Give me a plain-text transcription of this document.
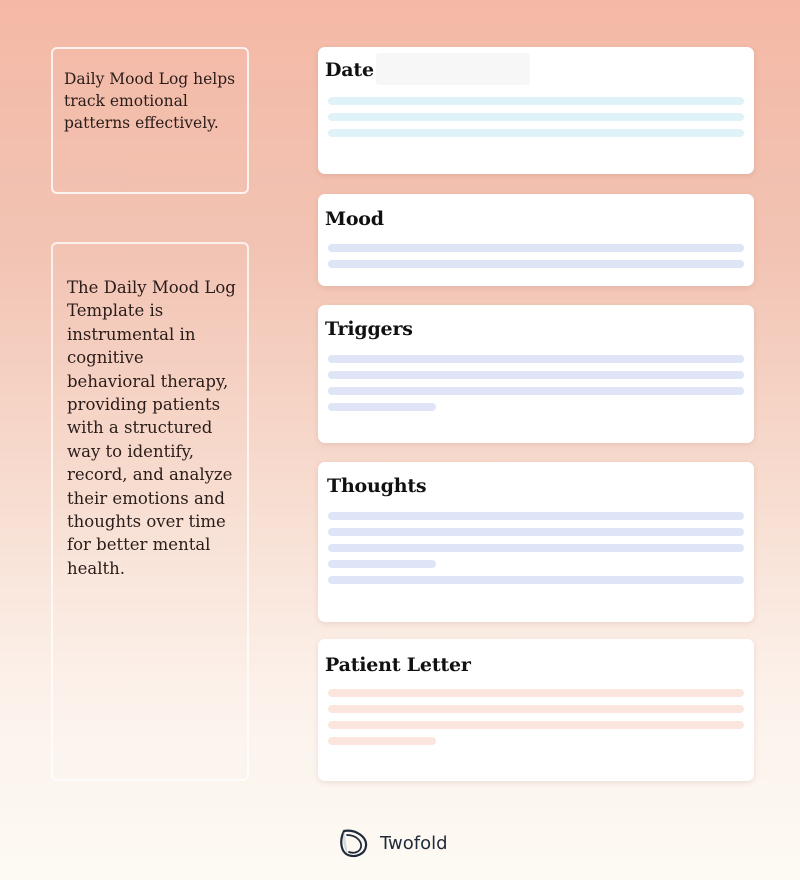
Daily Mood Log helps track emotional patterns effectively.
The Daily Mood Log Template is instrumental in cognitive behavioral therapy, providing patients with a structured way to identify, record, and analyze their emotions and thoughts over time for better mental health.
Date
Mood
Triggers
Thoughts
Patient Letter
Twofold
